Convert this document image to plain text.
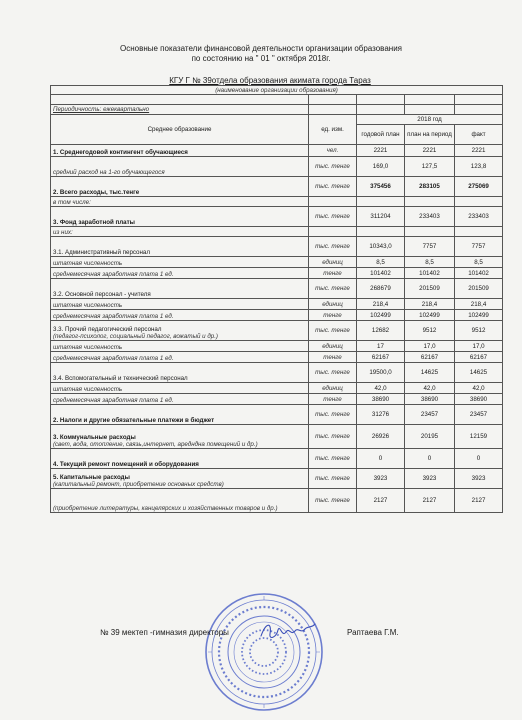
Основные показатели финансовой деятельности организации образования
по состоянию на " 01 " октября 2018г.
КГУ Г № 39отдела образования акимата города Тараз
(наименование организации образования)				

Периодичность: ежеквартально				
Среднее образование	ед. изм.	2018 год		
		годовой план	план на период	факт

1. Среднегодовой контингент обучающиеся	чел.	2221	2221	2221

средний расход на 1-го обучающегося	тыс. тенге	169,0	127,5	123,8

2. Всего расходы, тыс.тенге	тыс. тенге	375456	283105	275069

в том числе:				

3. Фонд заработной платы	тыс. тенге	311204	233403	233403

из них:				

3.1. Административный персонал	тыс. тенге	10343,0	7757	7757

штатная численность	единиц	8,5	8,5	8,5

среднемесячная заработная плата 1 ед.	тенге	101402	101402	101402

3.2. Основной персонал - учителя	тыс. тенге	268679	201509	201509

штатная численность	единиц	218,4	218,4	218,4

среднемесячная заработная плата 1 ед.	тенге	102499	102499	102499

3.3. Прочий педагогический персонал
(педагог-психолог, социальный педагог, вожатый и др.)	тыс. тенге	12682	9512	9512

штатная численность	единиц	17	17,0	17,0

среднемесячная заработная плата 1 ед.	тенге	62167	62167	62167

3.4. Вспомогательный и технический персонал	тыс. тенге	19500,0	14625	14625

штатная численность	единиц	42,0	42,0	42,0

среднемесячная заработная плата 1 ед.	тенге	38690	38690	38690

2. Налоги и другие обязательные платежи в бюджет	тыс. тенге	31276	23457	23457

3. Коммунальные расходы
(свет, вода, отопление, связь,интернет, аредндна помещений и др.)	тыс. тенге	26926	20195	12159

4. Текущий ремонт помещений и оборудования	тыс. тенге	0	0	0

5. Капитальные расходы
(капитальный ремонт, приобретение основных средств)	тыс. тенге	3923	3923	3923

(приобретение литературы, канцелярских и хозяйственных товаров и др.)	тыс. тенге	2127	2127	2127
№ 39 мектеп -гимназия директоры	Раптаева Г.М.
